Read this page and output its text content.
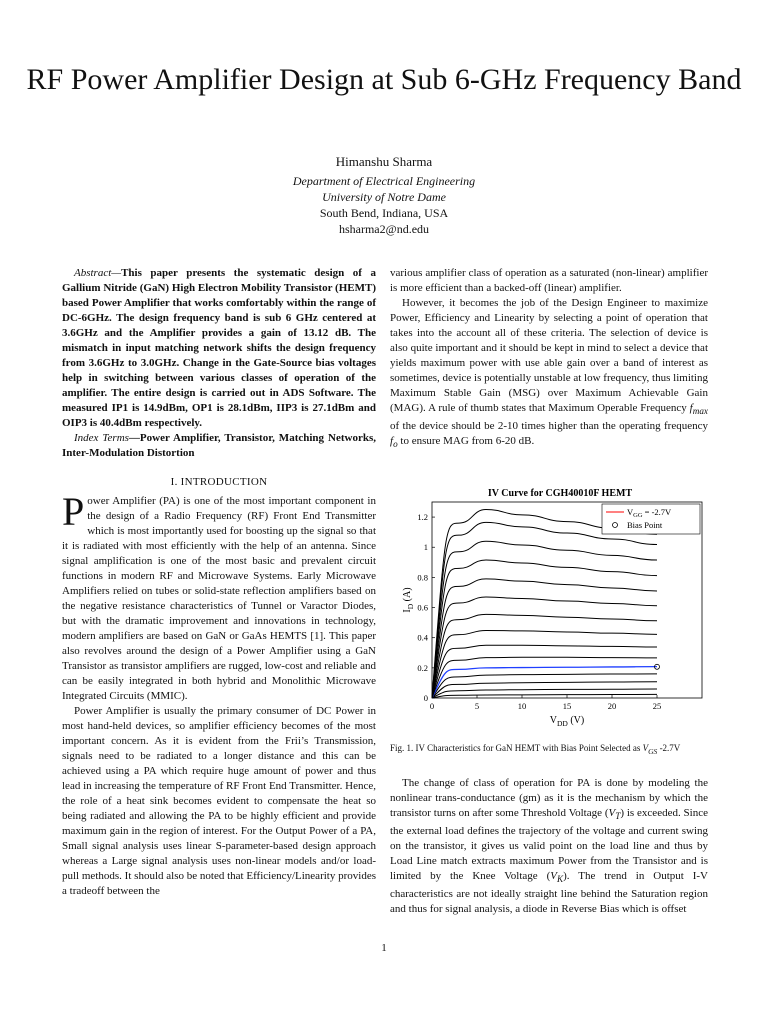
RF Power Amplifier Design at Sub 6-GHz Frequency Band
Himanshu Sharma
Department of Electrical Engineering
University of Notre Dame
South Bend, Indiana, USA
hsharma2@nd.edu

Abstract—This paper presents the systematic design of a Gallium Nitride (GaN) High Electron Mobility Transistor (HEMT) based Power Amplifier that works comfortably within the range of DC-6GHz. The design frequency band is sub 6 GHz centered at 3.6GHz and the Amplifier provides a gain of 13.12 dB. The mismatch in input matching network shifts the design frequency from 3.6GHz to 3.0GHz. Change in the Gate-Source bias voltages help in switching between various classes of operation of the amplifier. The entire design is carried out in ADS Software. The measured IP1 is 14.9dBm, OP1 is 28.1dBm, IIP3 is 27.1dBm and OIP3 is 40.4dBm respectively.

Index Terms—Power Amplifier, Transistor, Matching Networks, Inter-Modulation Distortion

I. INTRODUCTION

Power Amplifier (PA) is one of the most important component in the design of a Radio Frequency (RF) Front End Transmitter which is most importantly used for boosting up the signal so that it is radiated with most efficiently with the help of an antenna. Since signal amplification is one of the most basic and prevalent circuit functions in modern RF and Microwave Systems. Early Microwave Amplifiers relied on tubes or solid-state reflection amplifiers based on the negative resistance characteristics of Tunnel or Varactor Diodes, but with the dramatic improvement and innovations in technology, modern amplifiers are based on GaN or GaAs HEMTS [1]. This paper also revolves around the design of a Power Amplifier using a GaN Transistor as transistor amplifiers are rugged, low-cost and reliable and can be easily integrated in both hybrid and Monolithic Microwave Integrated Circuits (MMIC).

Power Amplifier is usually the primary consumer of DC Power in most hand-held devices, so amplifier efficiency becomes of the most important concern. As it is evident from the Frii’s Transmission, signals need to be radiated to a longer distance and this can be achieved using a PA which require huge amount of power and thus lead in increasing the temperature of RF Front End Transmitter. Hence, the role of a heat sink becomes evident to compensate the heat so being radiated and allowing the PA to be highly efficient and provide maximum gain in the region of interest. For the Output Power of a PA, Small signal analysis uses linear S-parameter-based design approach whereas a Large signal analysis uses non-linear models and/or load-pull methods. It should also be noted that Efficiency/Linearity provides a tradeoff between the

various amplifier class of operation as a saturated (non-linear) amplifier is more efficient than a backed-off (linear) amplifier.

However, it becomes the job of the Design Engineer to maximize Power, Efficiency and Linearity by selecting a point of operation that takes into the account all of these criteria. The selection of device is also quite important and it should be kept in mind to select a device that yields maximum power with use able gain over a band of interest as sometimes, device is potentially unstable at low frequency, thus limiting Maximum Stable Gain (MSG) over Maximum Achievable Gain (MAG). A rule of thumb states that Maximum Operable Frequency $f_{max}$ of the device should be 2-10 times higher than the operating frequency $f_o$ to ensure MAG from 6-20 dB.

IV Curve for CGH40010F HEMT
0	5	10	15	20	25
0
0.2
0.4
0.6
0.8
1
1.2
$V_{GG} = -2.7V$
Bias Point
$V_{DD}$ (V)
$I_D$ (A)
Fig. 1. IV Characteristics for GaN HEMT with Bias Point Selected as $V_{GS}$ -2.7V

The change of class of operation for PA is done by modeling the nonlinear trans-conductance (gm) as it is the mechanism by which the transistor turns on after some Threshold Voltage $(V_T)$ is exceeded. Since the external load defines the trajectory of the voltage and current swing on the transistor, it gives us valid point on the load line and thus by Load Line match extracts maximum Power from the Transistor and is limited by the Knee Voltage $(V_K)$. The trend in Output I-V characteristics are not ideally straight line behind the Saturation region and thus for signal analysis, a diode in Reverse Bias which is offset

1
